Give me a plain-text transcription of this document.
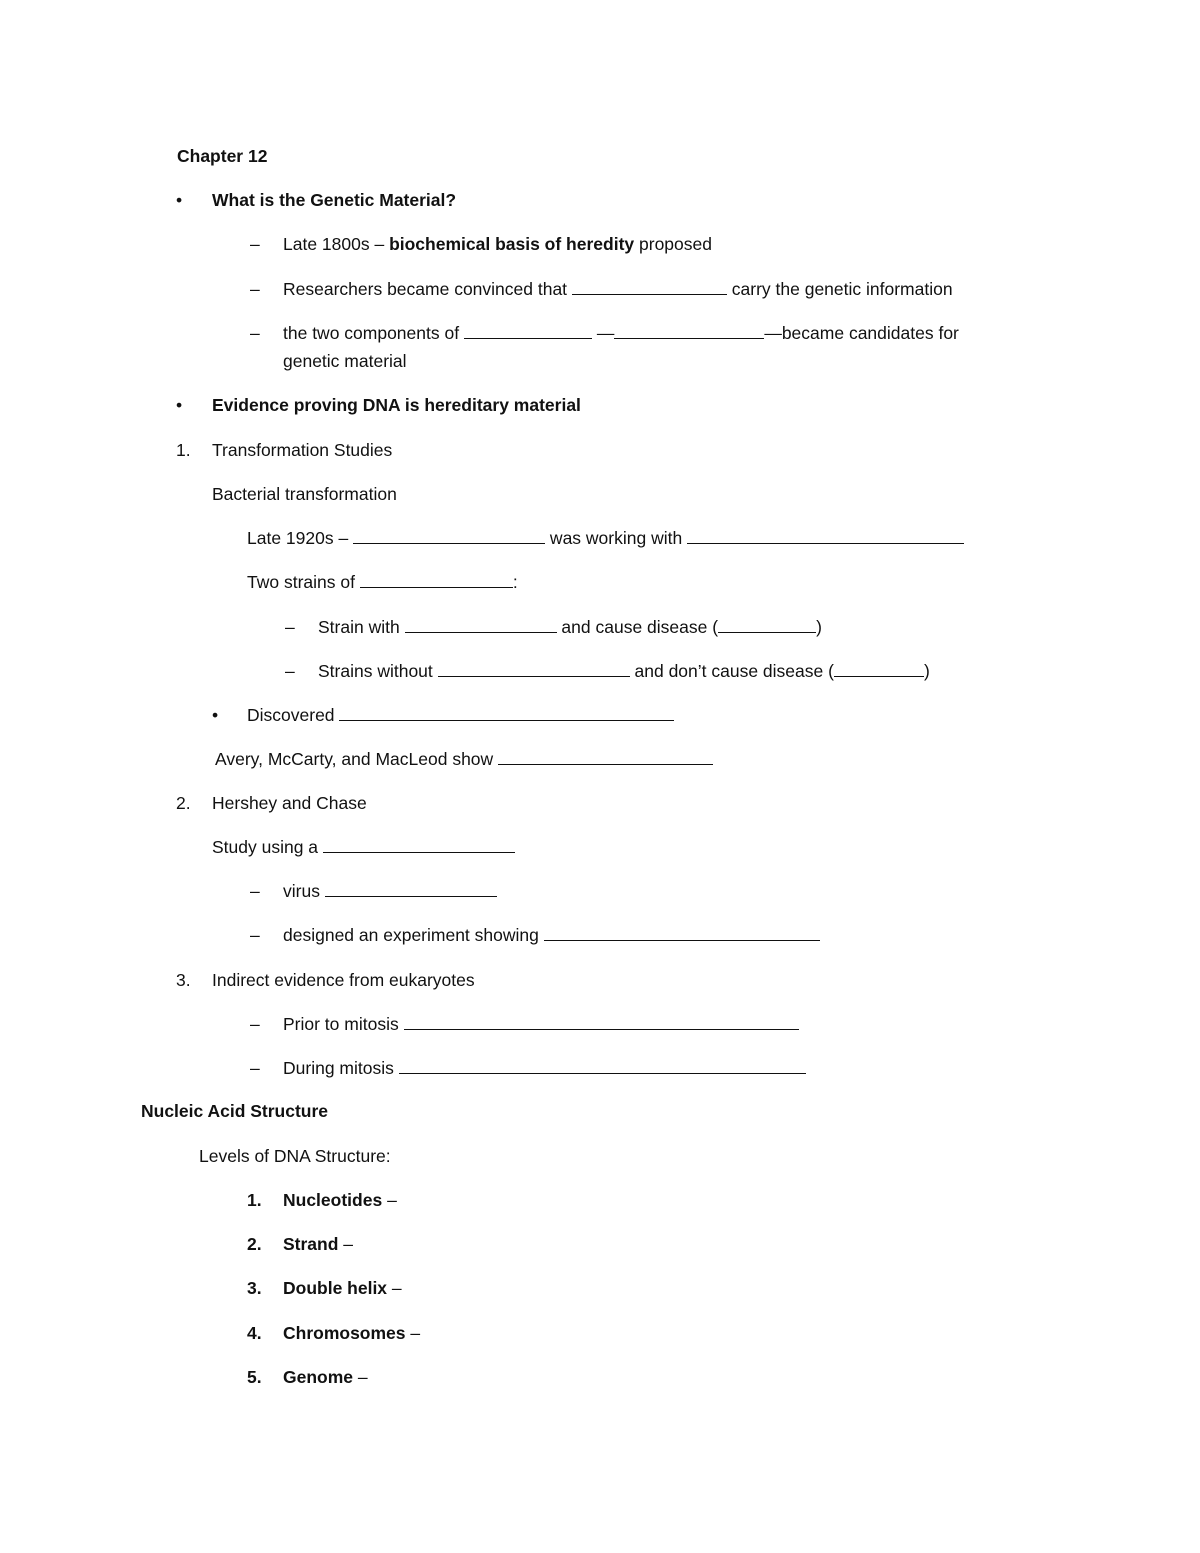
Chapter 12
• What is the Genetic Material?
– Late 1800s – biochemical basis of heredity proposed
– Researchers became convinced that	carry the genetic information
– the two components of	—	—became candidates for
genetic material
• Evidence proving DNA is hereditary material
1. Transformation Studies
Bacterial transformation
Late 1920s –	was working with
Two strains of	:
– Strain with	and cause disease (	)
– Strains without	and don’t cause disease (	)
• Discovered
Avery, McCarty, and MacLeod show
2. Hershey and Chase
Study using a
– virus
– designed an experiment showing
3. Indirect evidence from eukaryotes
– Prior to mitosis
– During mitosis
Nucleic Acid Structure
Levels of DNA Structure:
1. Nucleotides –
2. Strand –
3. Double helix –
4. Chromosomes –
5. Genome –
